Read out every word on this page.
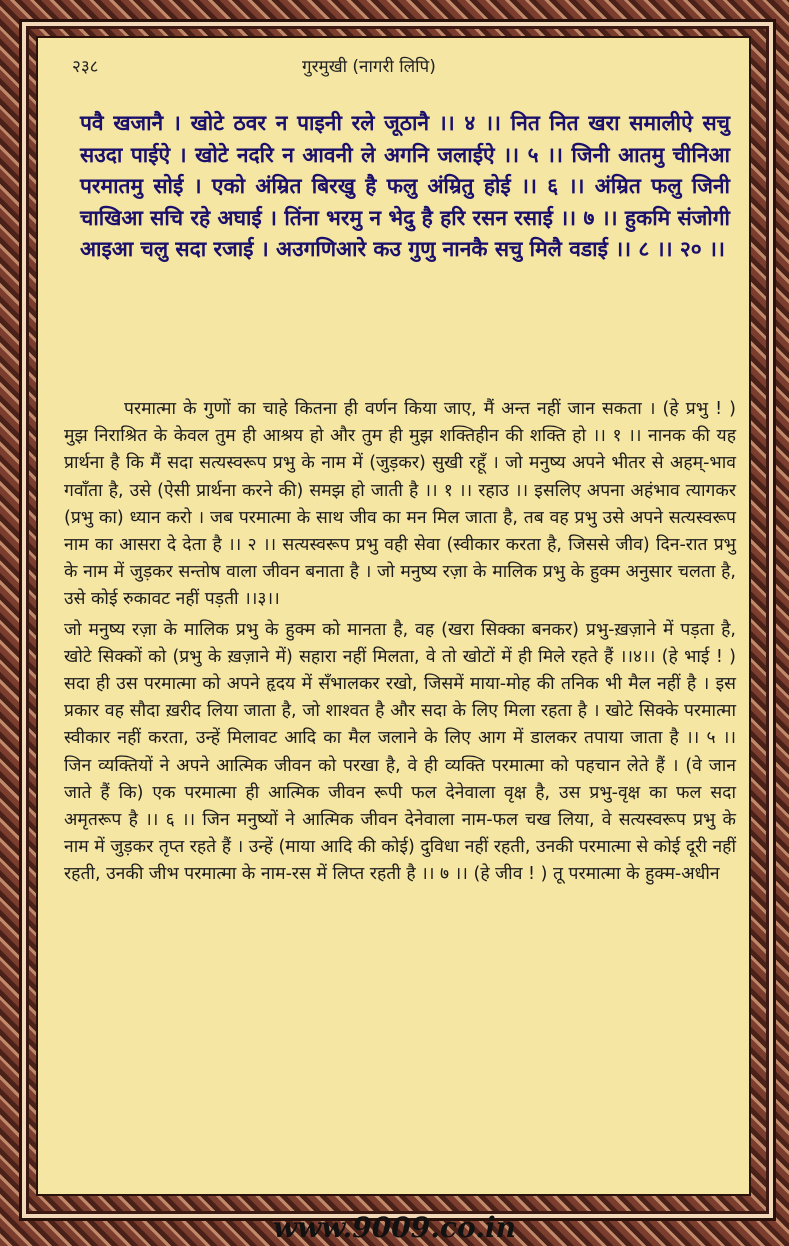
२३८	गुरमुखी (नागरी लिपि)
पवै खजानै । खोटे ठवर न पाइनी रले जूठानै ।। ४ ।। नित नित खरा समालीऐ सचु सउदा पाईऐ । खोटे नदरि न आवनी ले अगनि जलाईऐ ।। ५ ।। जिनी आतमु चीनिआ परमातमु सोई । एको अंम्रित बिरखु है फलु अंम्रितु होई ।। ६ ।। अंम्रित फलु जिनी चाखिआ सचि रहे अघाई । तिंना भरमु न भेदु है हरि रसन रसाई ।। ७ ।। हुकमि संजोगी आइआ चलु सदा रजाई । अउगणिआरे कउ गुणु नानकै सचु मिलै वडाई ।। ८ ।। २० ।।

परमात्मा के गुणों का चाहे कितना ही वर्णन किया जाए, मैं अन्त नहीं जान सकता । (हे प्रभु ! ) मुझ निराश्रित के केवल तुम ही आश्रय हो और तुम ही मुझ शक्तिहीन की शक्ति हो ।। १ ।। नानक की यह प्रार्थना है कि मैं सदा सत्यस्वरूप प्रभु के नाम में (जुड़कर) सुखी रहूँ । जो मनुष्य अपने भीतर से अहम्-भाव गवाँता है, उसे (ऐसी प्रार्थना करने की) समझ हो जाती है ।। १ ।। रहाउ ।। इसलिए अपना अहंभाव त्यागकर (प्रभु का) ध्यान करो । जब परमात्मा के साथ जीव का मन मिल जाता है, तब वह प्रभु उसे अपने सत्यस्वरूप नाम का आसरा दे देता है ।। २ ।। सत्यस्वरूप प्रभु वही सेवा (स्वीकार करता है, जिससे जीव) दिन-रात प्रभु के नाम में जुड़कर सन्तोष वाला जीवन बनाता है । जो मनुष्य रज़ा के मालिक प्रभु के हुक्म अनुसार चलता है, उसे कोई रुकावट नहीं पड़ती ।।३।।

जो मनुष्य रज़ा के मालिक प्रभु के हुक्म को मानता है, वह (खरा सिक्का बनकर) प्रभु-ख़ज़ाने में पड़ता है, खोटे सिक्कों को (प्रभु के ख़ज़ाने में) सहारा नहीं मिलता, वे तो खोटों में ही मिले रहते हैं ।।४।। (हे भाई ! ) सदा ही उस परमात्मा को अपने हृदय में सँभालकर रखो, जिसमें माया-मोह की तनिक भी मैल नहीं है । इस प्रकार वह सौदा ख़रीद लिया जाता है, जो शाश्वत है और सदा के लिए मिला रहता है । खोटे सिक्के परमात्मा स्वीकार नहीं करता, उन्हें मिलावट आदि का मैल जलाने के लिए आग में डालकर तपाया जाता है ।। ५ ।। जिन व्यक्तियों ने अपने आत्मिक जीवन को परखा है, वे ही व्यक्ति परमात्मा को पहचान लेते हैं । (वे जान जाते हैं कि) एक परमात्मा ही आत्मिक जीवन रूपी फल देनेवाला वृक्ष है, उस प्रभु-वृक्ष का फल सदा अमृतरूप है ।। ६ ।। जिन मनुष्यों ने आत्मिक जीवन देनेवाला नाम-फल चख लिया, वे सत्यस्वरूप प्रभु के नाम में जुड़कर तृप्त रहते हैं । उन्हें (माया आदि की कोई) दुविधा नहीं रहती, उनकी परमात्मा से कोई दूरी नहीं रहती, उनकी जीभ परमात्मा के नाम-रस में लिप्त रहती है ।। ७ ।। (हे जीव ! ) तू परमात्मा के हुक्म-अधीन

www.9009.co.in
